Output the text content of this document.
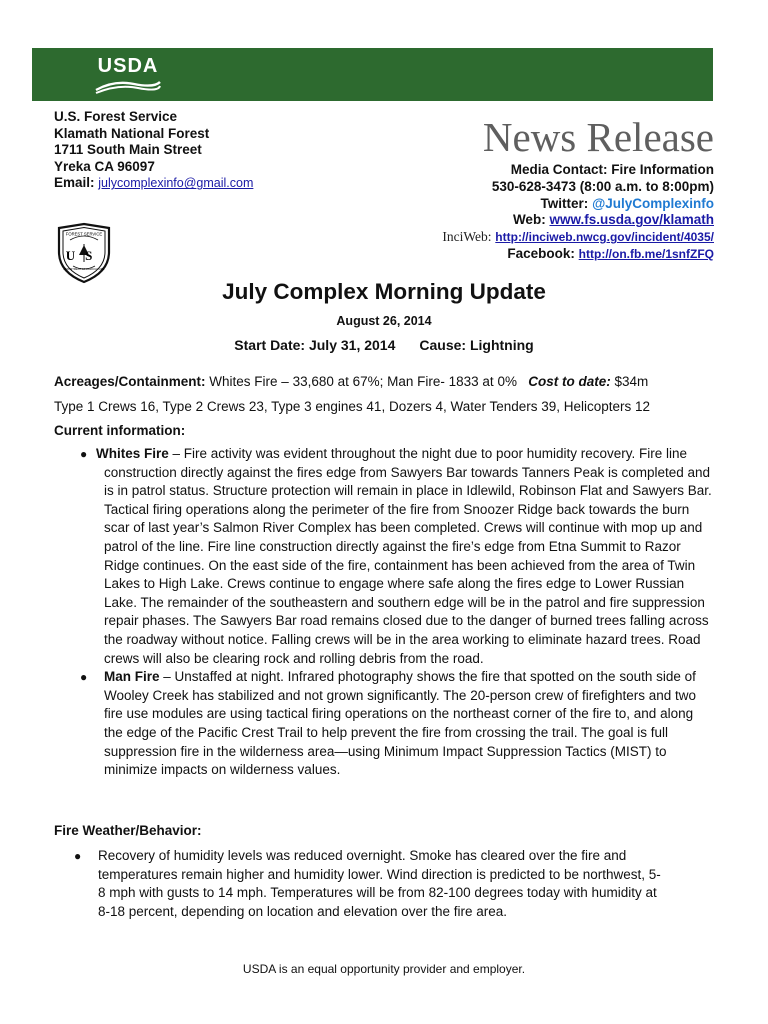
USDA
U.S. Forest Service
Klamath National Forest
1711 South Main Street
Yreka CA 96097
Email: julycomplexinfo@gmail.com
News Release
Media Contact: Fire Information
530-628-3473 (8:00 a.m. to 8:00pm)
Twitter: @JulyComplexinfo
Web: www.fs.usda.gov/klamath
InciWeb: http://inciweb.nwcg.gov/incident/4035/
Facebook: http://on.fb.me/1snfZFQ
FOREST SERVICE
US
DEPARTMENT OF AGRICULTURE
July Complex Morning Update
August 26, 2014
Start Date: July 31, 2014 Cause: Lightning
Acreages/Containment: Whites Fire – 33,680 at 67%; Man Fire- 1833 at 0% Cost to date: $34m
Type 1 Crews 16, Type 2 Crews 23, Type 3 engines 41, Dozers 4, Water Tenders 39, Helicopters 12
Current information:
● Whites Fire – Fire activity was evident throughout the night due to poor humidity recovery. Fire line construction directly against the fires edge from Sawyers Bar towards Tanners Peak is completed and is in patrol status. Structure protection will remain in place in Idlewild, Robinson Flat and Sawyers Bar. Tactical firing operations along the perimeter of the fire from Snoozer Ridge back towards the burn scar of last year’s Salmon River Complex has been completed. Crews will continue with mop up and patrol of the line. Fire line construction directly against the fire’s edge from Etna Summit to Razor Ridge continues. On the east side of the fire, containment has been achieved from the area of Twin Lakes to High Lake. Crews continue to engage where safe along the fires edge to Lower Russian Lake. The remainder of the southeastern and southern edge will be in the patrol and fire suppression repair phases. The Sawyers Bar road remains closed due to the danger of burned trees falling across the roadway without notice. Falling crews will be in the area working to eliminate hazard trees. Road crews will also be clearing rock and rolling debris from the road.
● Man Fire – Unstaffed at night. Infrared photography shows the fire that spotted on the south side of Wooley Creek has stabilized and not grown significantly. The 20-person crew of firefighters and two fire use modules are using tactical firing operations on the northeast corner of the fire to, and along the edge of the Pacific Crest Trail to help prevent the fire from crossing the trail. The goal is full suppression fire in the wilderness area—using Minimum Impact Suppression Tactics (MIST) to minimize impacts on wilderness values.
Fire Weather/Behavior:
● Recovery of humidity levels was reduced overnight. Smoke has cleared over the fire and temperatures remain higher and humidity lower. Wind direction is predicted to be northwest, 5-8 mph with gusts to 14 mph. Temperatures will be from 82-100 degrees today with humidity at 8-18 percent, depending on location and elevation over the fire area.
USDA is an equal opportunity provider and employer.
